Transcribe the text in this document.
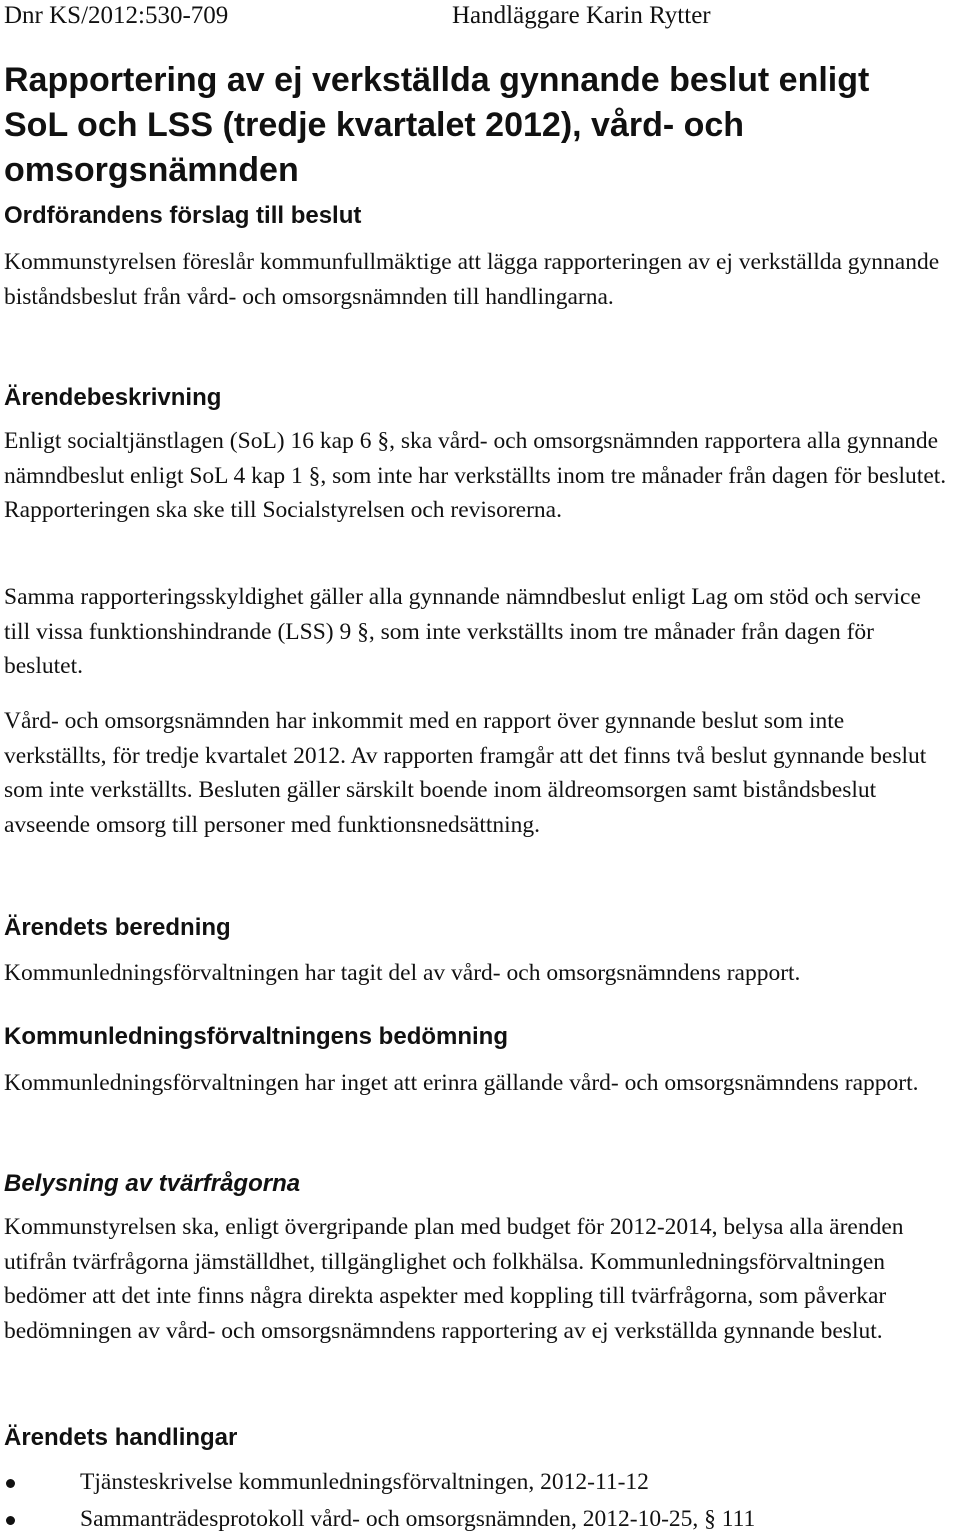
Dnr KS/2012:530-709	Handläggare Karin Rytter
Rapportering av ej verkställda gynnande beslut enligt SoL och LSS (tredje kvartalet 2012), vård- och omsorgsnämnden
Ordförandens förslag till beslut

Kommunstyrelsen föreslår kommunfullmäktige att lägga rapporteringen av ej verkställda gynnande biståndsbeslut från vård- och omsorgsnämnden till handlingarna.

Ärendebeskrivning

Enligt socialtjänstlagen (SoL) 16 kap 6 §, ska vård- och omsorgsnämnden rapportera alla gynnande nämndbeslut enligt SoL 4 kap 1 §, som inte har verkställts inom tre månader från dagen för beslutet. Rapporteringen ska ske till Socialstyrelsen och revisorerna.

Samma rapporteringsskyldighet gäller alla gynnande nämndbeslut enligt Lag om stöd och service till vissa funktionshindrande (LSS) 9 §, som inte verkställts inom tre månader från dagen för beslutet.

Vård- och omsorgsnämnden har inkommit med en rapport över gynnande beslut som inte verkställts, för tredje kvartalet 2012. Av rapporten framgår att det finns två beslut gynnande beslut som inte verkställts. Besluten gäller särskilt boende inom äldreomsorgen samt biståndsbeslut avseende omsorg till personer med funktionsnedsättning.

Ärendets beredning

Kommunledningsförvaltningen har tagit del av vård- och omsorgsnämndens rapport.

Kommunledningsförvaltningens bedömning

Kommunledningsförvaltningen har inget att erinra gällande vård- och omsorgsnämndens rapport.

Belysning av tvärfrågorna

Kommunstyrelsen ska, enligt övergripande plan med budget för 2012-2014, belysa alla ärenden utifrån tvärfrågorna jämställdhet, tillgänglighet och folkhälsa. Kommunledningsförvaltningen bedömer att det inte finns några direkta aspekter med koppling till tvärfrågorna, som påverkar bedömningen av vård- och omsorgsnämndens rapportering av ej verkställda gynnande beslut.

Ärendets handlingar
Tjänsteskrivelse kommunledningsförvaltningen, 2012-11-12
Sammanträdesprotokoll vård- och omsorgsnämnden, 2012-10-25, § 111
